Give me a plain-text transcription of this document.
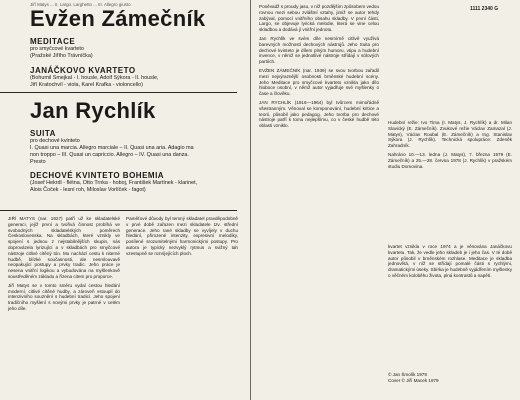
Jiří Matys ... II. Largo. Larghetto ... III. Allegro giusto

Evžen Zámečník

MEDITACE

pro smyčcové kvarteto

(Pražské Jiřího Trávníčka)

JANÁČKOVO KVARTETO

(Bohumil Smejkal - I. housle, Adolf Sýkora - II. housle,

Jiří Kratochvíl - viola, Karel Krafka - violoncello)

Jan Rychlík

SUITA

pro dechové kvinteto

I. Quasi una marcia. Allegro marciale – II. Quasi una aria. Adagio ma

non troppo – III. Quasi un capriccio. Allegro – IV. Quasi una danza.

Presto

DECHOVÉ KVINTETO BOHEMIA

(Josef Hekrdl - flétna, Otto Trnka - hoboj, František Martínek - klarinet,

Alois Čoček - lesní roh, Miloslav Vorlíček - fagot)

JIŘÍ MATYS (nar. 1927) patří už ke skladatelské generaci, jejíž první a tvořivá činnost probíhá ve svobodných skladatelských poměrech Československa. Na skladbách, které vznikly ve spojení s jednou z nejstabilnějších skupin, nás doprovázela lyrizující a v skladbách pro smyčcové nástroje citlivé cítěný tón. Mu nachází cestu k niterné hudbě, blízké současnosti, ale nesmlouvavě neopakující postupy a prvky tradic. Jeho práce je nesena vnitřní logikou a vybudována na myšlenkově soustředěném základu a řízena citem pro proporce.

Jiří Matys se v tomto směru vydal cestou hledání moderní, citlivé cítěné hudby, a zároveň vstoupil do intenzivního souznění s hudební tradicí. Jeho spojení tradičního myšlení s novými prvky je patrné v celém jeho díle.

Paměťové důvody byl temný skladatel pravděpodobně v prvé době zařazen mezi skladatele tzv. střední generace. Jeho rané skladby se vyvíjely v duchu hledání, přirozené intenzity, expresivní melodiky, posílené srozumitelnými harmonickými postupy. Pro autora je typický nezvyklý rytmus a svižný tah vzestupně se rozvíjejících ploch.

Poněvadž s proudy jasu, v níž pozdějším způsobem vedou rovnou mezi sebou zvláštní vztahy, jimiž se autor tehdy zabýval, pomocí vnitřního obsahu skladby. V první části, Largo, se objevuje lyrická melodie, která se vine celou skladbou a dodává jí vnitřní jednotu.

Jan Rychlík ve svém díle nesmírně citlivě využívá barevných možností dechových nástrojů. Jeho Suita pro dechové kvinteto je dílem plným humoru, vtipu a hudební invence, v němž se jednotlivé nástroje střídají v sólových partiích.

EVŽEN ZÁMEČNÍK (nar. 1939) se svou tvorbou zařadil mezi nejvýraznější osobnosti brněnské hudební scény. Jeho Meditace pro smyčcové kvarteto vznikla jako dílo hluboce osobní, v němž autor vyjadřuje své myšlenky o čase a člověku.

JAN RYCHLÍK (1916—1964) byl tvůrcem mimořádně všestranným. Věnoval se komponování, hudební kritice a teorii, působil jako pedagog. Jeho tvorba pro dechové nástroje patří k tomu nejlepšímu, co v české hudbě této oblasti vzniklo.

1111 2340 G

Hudební režie: Ivo Tima (I. Matys, J. Rychlík) a dr. Milan Slavický (E. Zámečník). Zvukové režie Václav Zamazal (J. Matys), Václav Roubal (E. Zámečník) a Ing. Stanislav Sýkora (J. Rychlík). Technická spolupráce: Zdeněk Zahradník.

Nahráno 10.—13. ledna (J. Matys), 7. března 1979 (E. Zámečník) a 25.—28. června 1978 (J. Rychlík) v pražském studiu Domovina.

kvartet vznikla v roce 1974 a je věnována Janáčkovu kvartetu. Tak, že vedle jeho skladeb je i jeho čas. V té době autor působil v brněnském rozhlase. Meditace je skladba jednovětá, v níž se střídají pomalé části s rychlými, dramatickými úseky. Sbírka je hudebně vyjádřením myšlenky o věčném koloběhu života, plná kontrastů a napětí.

© Jan Šmolík 1979

Cover © Jiří Macek 1979
